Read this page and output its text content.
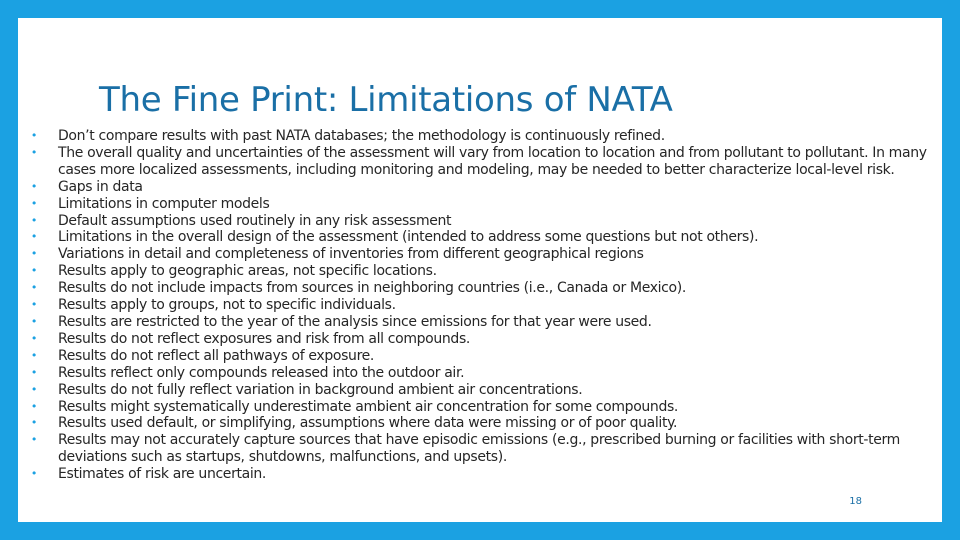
The Fine Print: Limitations of NATA
• Don’t compare results with past NATA databases; the methodology is continuously refined.
• The overall quality and uncertainties of the assessment will vary from location to location and from pollutant to pollutant. In many cases more localized assessments, including monitoring and modeling, may be needed to better characterize local-level risk.
• Gaps in data
• Limitations in computer models
• Default assumptions used routinely in any risk assessment
• Limitations in the overall design of the assessment (intended to address some questions but not others).
• Variations in detail and completeness of inventories from different geographical regions
• Results apply to geographic areas, not specific locations.
• Results do not include impacts from sources in neighboring countries (i.e., Canada or Mexico).
• Results apply to groups, not to specific individuals.
• Results are restricted to the year of the analysis since emissions for that year were used.
• Results do not reflect exposures and risk from all compounds.
• Results do not reflect all pathways of exposure.
• Results reflect only compounds released into the outdoor air.
• Results do not fully reflect variation in background ambient air concentrations.
• Results might systematically underestimate ambient air concentration for some compounds.
• Results used default, or simplifying, assumptions where data were missing or of poor quality.
• Results may not accurately capture sources that have episodic emissions (e.g., prescribed burning or facilities with short-term deviations such as startups, shutdowns, malfunctions, and upsets).
• Estimates of risk are uncertain.
18
